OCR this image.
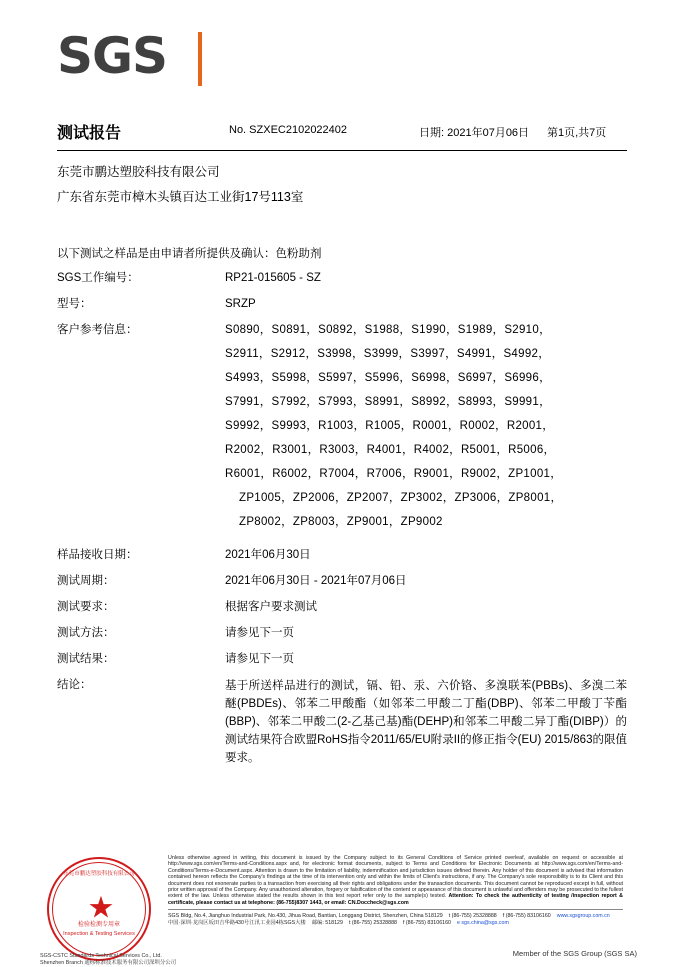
SGS
测试报告	No. SZXEC2102022402	日期: 2021年07月06日 第1页,共7页
东莞市鹏达塑胶科技有限公司
广东省东莞市樟木头镇百达工业街17号113室
以下测试之样品是由申请者所提供及确认：色粉助剂
SGS工作编号：	RP21-015605 - SZ
型号：	SRZP
客户参考信息：	S0890，S0891，S0892，S1988，S1990，S1989，S2910，
S2911，S2912，S3998，S3999，S3997，S4991，S4992，
S4993，S5998，S5997，S5996，S6998，S6997，S6996，
S7991，S7992，S7993，S8991，S8992，S8993，S9991，
S9992，S9993，R1003，R1005，R0001，R0002，R2001，
R2002，R3001，R3003，R4001，R4002，R5001，R5006，
R6001，R6002，R7004，R7006，R9001，R9002，ZP1001，
ZP1005，ZP2006，ZP2007，ZP3002，ZP3006，ZP8001，
ZP8002，ZP8003，ZP9001，ZP9002
样品接收日期：	2021年06月30日
测试周期：	2021年06月30日 - 2021年07月06日
测试要求：	根据客户要求测试
测试方法：	请参见下一页
测试结果：	请参见下一页
结论：	基于所送样品进行的测试，镉、铅、汞、六价铬、多溴联苯(PBBs)、多溴二苯醚(PBDEs)、邻苯二甲酸酯（如邻苯二甲酸二丁酯(DBP)、邻苯二甲酸丁苄酯(BBP)、邻苯二甲酸二(2-乙基己基)酯(DEHP)和邻苯二甲酸二异丁酯(DIBP)）的测试结果符合欧盟RoHS指令2011/65/EU附录II的修正指令(EU) 2015/863的限值要求。
东莞市鹏达塑胶科技有限公司
★
检验检测专用章
Inspection & Testing Services
SGS-CSTC Standards Technical Services Co., Ltd.
Shenzhen Branch 通标标准技术服务有限公司深圳分公司
Unless otherwise agreed in writing, this document is issued by the Company subject to its General Conditions of Service printed overleaf, available on request or accessible at http://www.sgs.com/en/Terms-and-Conditions.aspx and, for electronic format documents, subject to Terms and Conditions for Electronic Documents at http://www.sgs.com/en/Terms-and-Conditions/Terms-e-Document.aspx. Attention is drawn to the limitation of liability, indemnification and jurisdiction issues defined therein. Any holder of this document is advised that information contained hereon reflects the Company's findings at the time of its intervention only and within the limits of Client's instructions, if any. The Company's sole responsibility is to its Client and this document does not exonerate parties to a transaction from exercising all their rights and obligations under the transaction documents. This document cannot be reproduced except in full, without prior written approval of the Company. Any unauthorized alteration, forgery or falsification of the content or appearance of this document is unlawful and offenders may be prosecuted to the fullest extent of the law. Unless otherwise stated the results shown in this test report refer only to the sample(s) tested. Attention: To check the authenticity of testing /inspection report & certificate, please contact us at telephone: (86-755)8307 1443, or email: CN.Doccheck@sgs.com
SGS Bldg, No.4, Jianghuo Industrial Park, No.430, Jihua Road, Bantian, Longgang District, Shenzhen, China 518129 t (86-755) 25328888 f (86-755) 83106160 www.sgsgroup.com.cn
中国·深圳·龙岗区坂田吉华路430号江汛工业园4栋SGS大楼 邮编: 518129 t (86-755) 25328888 f (86-755) 83106160 e sgs.china@sgs.com
Member of the SGS Group (SGS SA)
